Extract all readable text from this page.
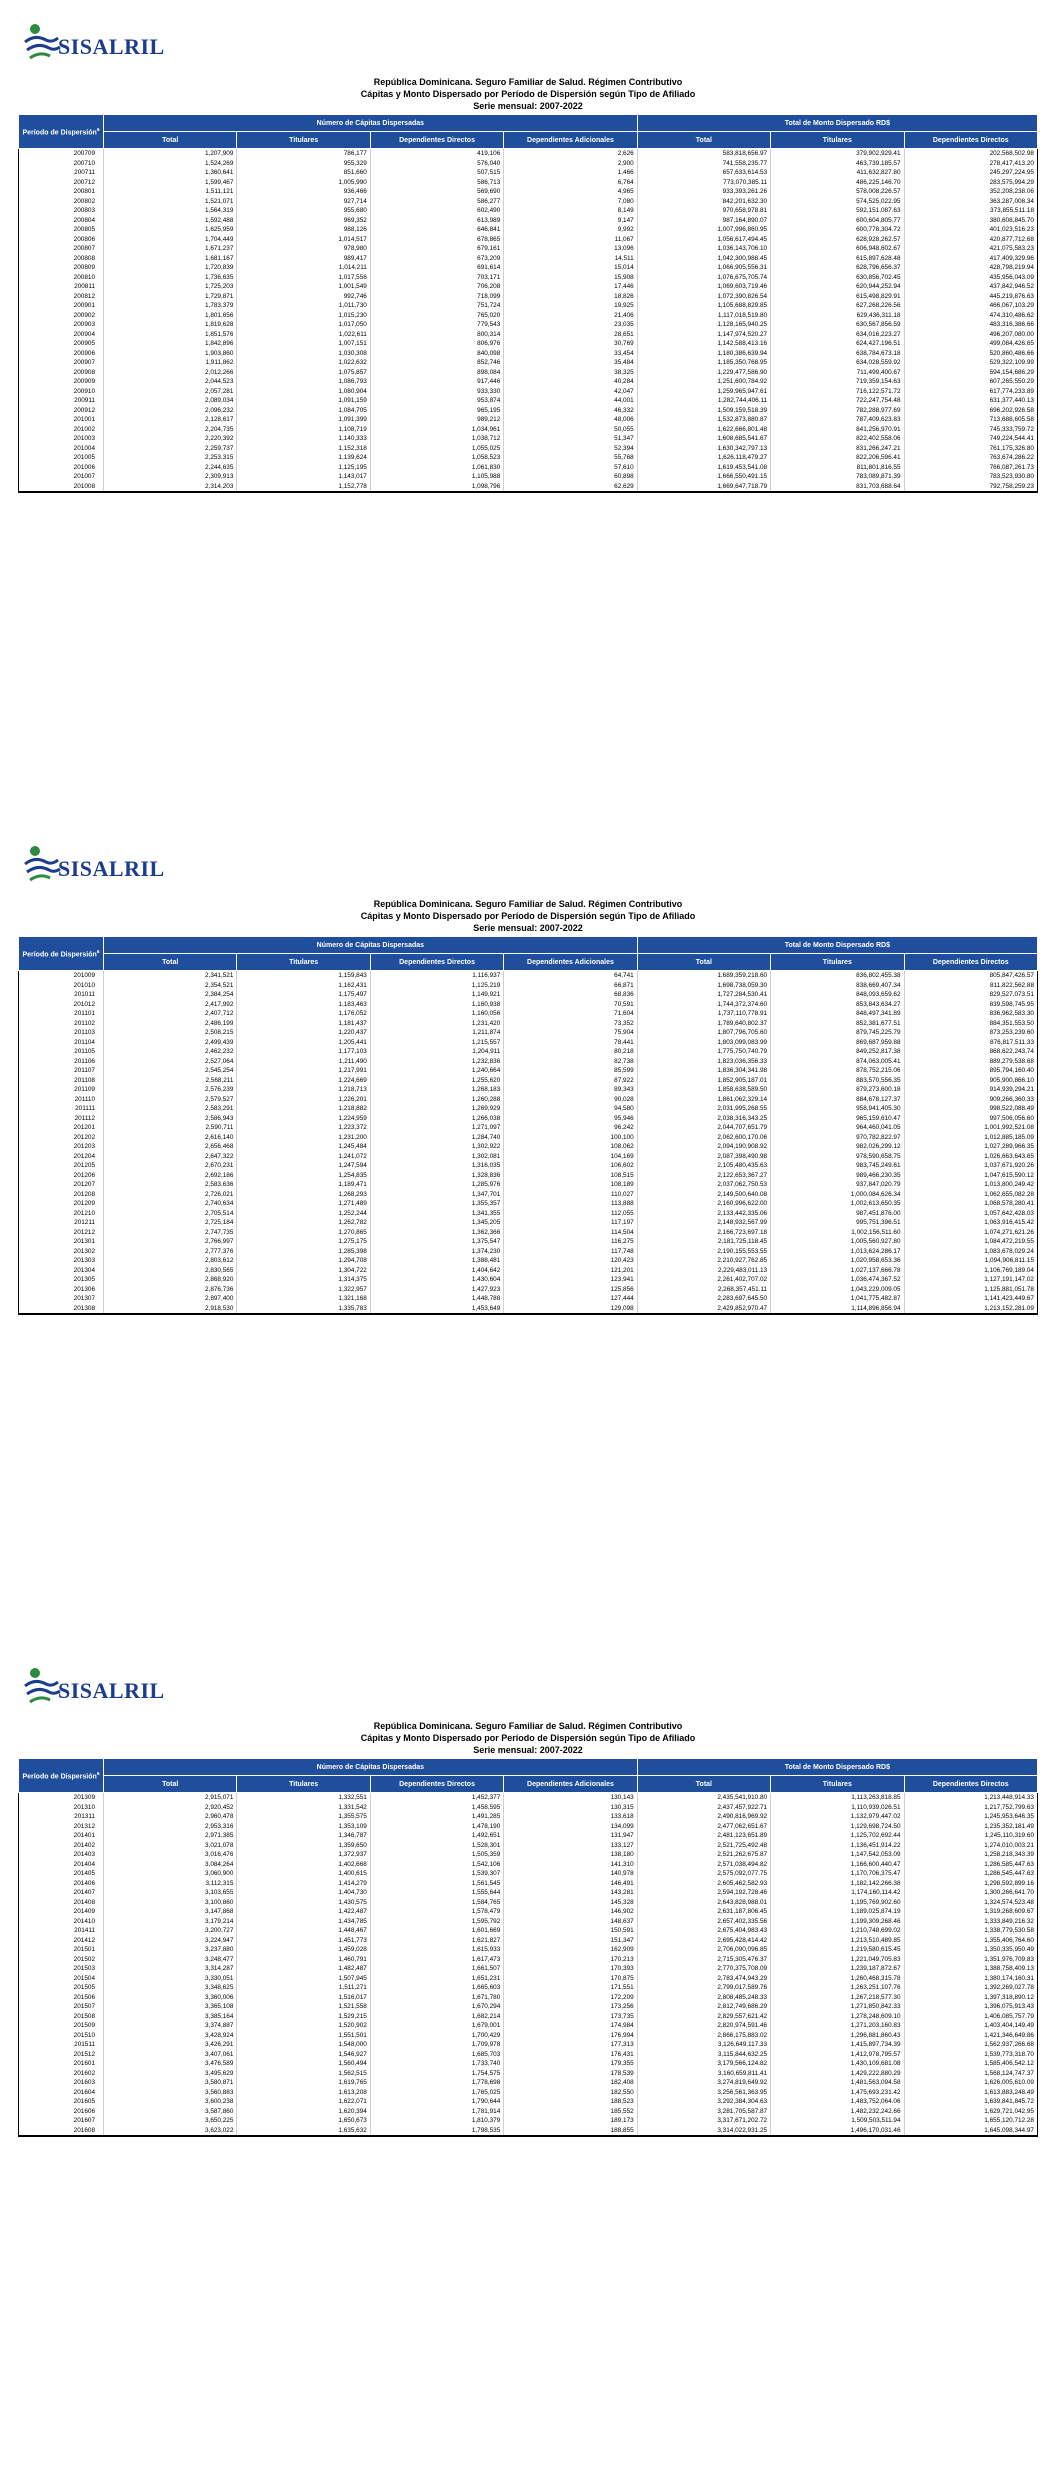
SISALRIL
República Dominicana. Seguro Familiar de Salud. Régimen Contributivo
Cápitas y Monto Dispersado por Período de Dispersión según Tipo de Afiliado
Serie mensual: 2007-2022
Período de Dispersión$^a$	Número de Cápitas Dispersadas				Total de Monto Dispersado RD$		
	Total	Titulares	Dependientes Directos	Dependientes Adicionales	Total	Titulares	Dependientes Directos
200709	1,207,909	786,177	419,106	2,626	583,818,656.97	379,902,929.41	202,568,502.98
200710	1,524,269	955,329	576,040	2,900	741,558,235.77	463,739,185.57	278,417,413.20
200711	1,360,641	851,660	507,515	1,466	657,633,614.53	411,632,827.80	245,297,224.95
200712	1,599,467	1,005,990	586,713	6,764	773,070,385.11	486,225,146.70	283,575,994.29
200801	1,511,121	936,466	569,690	4,965	933,393,261.26	578,008,226.57	352,208,238.06
200802	1,521,071	927,714	586,277	7,080	842,201,632.30	574,525,022.95	363,287,008.34
200803	1,564,319	955,680	602,490	8,149	970,658,978.81	592,151,087.63	373,855,511.18
200804	1,592,488	969,352	613,989	9,147	987,164,890.07	600,604,805.77	380,608,845.70
200805	1,625,959	988,126	646,841	9,992	1,007,996,860.95	600,778,304.72	401,023,516.23
200806	1,704,449	1,014,517	678,865	11,067	1,056,617,494.45	628,928,262.57	420,877,712.68
200807	1,671,237	978,980	679,161	13,096	1,036,143,706.10	606,948,602.67	421,075,583.23
200808	1,681,167	989,417	673,209	14,511	1,042,300,988.45	615,897,628.48	417,409,329.96
200809	1,720,839	1,014,211	691,614	15,014	1,066,905,556.31	628,796,656.37	428,798,219.94
200810	1,736,635	1,017,556	703,171	15,908	1,076,675,705.74	630,856,702.45	435,956,043.09
200811	1,725,203	1,001,549	706,208	17,446	1,069,603,719.46	620,944,252.94	437,842,946.52
200812	1,729,871	992,746	718,099	18,826	1,072,390,826.54	615,498,829.91	445,219,876.63
200901	1,783,379	1,011,730	751,724	19,925	1,105,688,829.85	627,268,226.56	466,067,103.29
200902	1,801,656	1,015,230	765,020	21,406	1,117,018,519.80	629,436,311.18	474,310,486.62
200903	1,819,628	1,017,050	779,543	23,035	1,128,165,940.25	630,567,856.59	483,316,386.66
200904	1,851,576	1,022,611	800,314	28,651	1,147,974,520.27	634,016,223.27	496,207,080.00
200905	1,842,896	1,007,151	806,976	30,769	1,142,588,413.16	624,427,196.51	499,084,426.65
200906	1,903,860	1,030,308	840,098	33,454	1,180,386,639.94	638,784,673.18	520,860,486.66
200907	1,911,862	1,022,632	852,746	35,484	1,185,350,768.95	634,028,559.92	529,322,109.99
200908	2,012,266	1,075,857	898,084	38,325	1,229,477,586.90	711,499,400.67	594,154,686.29
200909	2,044,523	1,086,793	917,446	40,284	1,251,600,784.92	719,359,154.63	607,265,550.29
200910	2,057,281	1,080,904	933,330	42,047	1,259,965,947.61	716,122,571.72	617,774,233.89
200911	2,089,034	1,091,159	953,874	44,001	1,282,744,406.11	722,247,754.48	631,377,440.13
200912	2,096,232	1,084,705	965,195	46,332	1,509,159,518.39	782,288,977.69	696,202,926.58
201001	2,128,617	1,091,399	989,212	48,006	1,532,873,880.87	787,409,623.83	713,688,605.58
201002	2,204,735	1,108,719	1,034,961	50,055	1,622,666,801.48	841,256,970.91	745,333,759.72
201003	2,220,392	1,140,333	1,038,712	51,347	1,608,685,541.67	822,402,558.06	749,224,544.41
201004	2,259,737	1,152,318	1,055,025	52,394	1,630,342,797.13	831,266,247.21	761,175,326.80
201005	2,253,315	1,139,624	1,058,523	55,768	1,626,118,479.27	822,206,596.41	763,674,286.22
201006	2,244,635	1,125,195	1,061,830	57,610	1,619,453,541.08	811,801,816.55	766,087,261.73
201007	2,309,913	1,143,017	1,105,988	60,898	1,666,550,491.15	783,089,871.39	783,523,930.80
201008	2,314,203	1,152,778	1,098,796	62,629	1,669,647,718.79	831,703,688.64	792,758,259.23
SISALRIL
República Dominicana. Seguro Familiar de Salud. Régimen Contributivo
Cápitas y Monto Dispersado por Período de Dispersión según Tipo de Afiliado
Serie mensual: 2007-2022
Período de Dispersión$^a$	Número de Cápitas Dispersadas				Total de Monto Dispersado RD$		
	Total	Titulares	Dependientes Directos	Dependientes Adicionales	Total	Titulares	Dependientes Directos
201009	2,341,521	1,159,843	1,116,937	64,741	1,689,359,218.60	836,802,455.38	805,847,426.57
201010	2,354,521	1,162,431	1,125,219	66,871	1,698,738,059.30	838,669,407.34	811,822,562.88
201011	2,384,254	1,175,497	1,149,921	68,836	1,727,284,530.41	848,093,659.62	829,527,073.51
201012	2,417,992	1,183,463	1,160,938	70,591	1,744,372,374.60	853,843,634.27	839,598,745.95
201101	2,407,712	1,176,052	1,160,056	71,604	1,737,110,778.91	848,497,341.89	836,962,583.30
201102	2,486,199	1,181,437	1,231,420	73,352	1,789,640,802.37	852,381,677.51	884,351,553.50
201103	2,508,215	1,220,437	1,211,874	75,904	1,807,796,705.60	879,745,225.79	873,253,239.60
201104	2,499,439	1,205,441	1,215,557	78,441	1,803,099,083.99	869,687,959.88	876,817,511.33
201105	2,462,232	1,177,103	1,204,911	80,218	1,775,750,740.79	849,252,817.38	868,622,243.74
201106	2,527,064	1,211,490	1,232,836	82,738	1,823,036,356.33	874,063,005.41	889,279,538.68
201107	2,545,254	1,217,991	1,240,664	85,599	1,836,304,341.98	878,752,215.06	895,794,160.40
201108	2,568,211	1,224,669	1,255,620	87,922	1,852,905,187.01	883,570,556.35	905,900,866.10
201109	2,576,239	1,218,713	1,268,183	89,343	1,858,638,589.50	879,273,600.18	914,939,294.21
201110	2,579,527	1,226,201	1,260,288	90,028	1,861,062,329.14	884,678,127.37	909,266,360.33
201111	2,583,291	1,218,882	1,269,929	94,580	2,031,995,268.55	958,941,405.30	998,522,088.49
201112	2,586,943	1,224,959	1,266,038	95,946	2,038,316,343.25	965,159,610.47	997,506,056.60
201201	2,590,711	1,223,372	1,271,097	96,242	2,044,707,651.79	964,460,041.05	1,001,992,521.08
201202	2,616,140	1,231,200	1,284,740	100,100	2,062,600,170.06	970,782,822.97	1,012,885,185.09
201203	2,656,468	1,245,484	1,302,922	108,062	2,094,190,908.92	982,026,299.12	1,027,289,966.35
201204	2,647,322	1,241,072	1,302,081	104,169	2,087,398,490.98	978,590,658.75	1,026,663,643.65
201205	2,670,231	1,247,594	1,316,035	106,602	2,105,480,435.63	983,745,249.61	1,037,671,920.26
201206	2,692,186	1,254,835	1,328,836	108,515	2,122,653,367.27	989,466,230.35	1,047,615,590.12
201207	2,583,636	1,189,471	1,285,976	108,189	2,037,062,750.53	937,847,020.79	1,013,800,249.42
201208	2,726,021	1,268,293	1,347,701	110,027	2,149,500,640.08	1,000,084,626.34	1,062,655,082.28
201209	2,740,634	1,271,489	1,355,357	113,888	2,160,996,622.00	1,002,613,650.35	1,068,578,280.41
201210	2,705,514	1,252,244	1,341,355	112,055	2,133,442,335.06	987,451,876.00	1,057,642,428.03
201211	2,725,184	1,262,782	1,345,205	117,197	2,148,932,567.99	995,751,396.51	1,063,916,415.42
201212	2,747,735	1,270,865	1,362,366	114,504	2,166,723,697.18	1,002,156,511.60	1,074,271,621.26
201301	2,766,997	1,275,175	1,375,547	116,275	2,181,725,118.45	1,005,560,927.80	1,084,472,219.55
201302	2,777,376	1,285,398	1,374,230	117,748	2,190,155,553.55	1,013,624,286.17	1,083,678,029.24
201303	2,803,612	1,294,708	1,388,481	120,423	2,210,927,762.85	1,020,958,653.36	1,094,906,811.15
201304	2,830,565	1,304,722	1,404,642	121,201	2,229,483,011.13	1,027,137,666.78	1,106,769,189.04
201305	2,868,920	1,314,375	1,430,604	123,941	2,261,402,707.02	1,036,474,367.52	1,127,191,147.02
201306	2,876,736	1,322,957	1,427,923	125,856	2,268,357,451.11	1,043,229,009.05	1,125,881,051.78
201307	2,897,400	1,321,168	1,448,788	127,444	2,283,697,645.50	1,041,775,482.87	1,141,423,449.67
201308	2,918,530	1,335,783	1,453,649	129,098	2,429,852,970.47	1,114,896,856.94	1,213,152,281.09
SISALRIL
República Dominicana. Seguro Familiar de Salud. Régimen Contributivo
Cápitas y Monto Dispersado por Período de Dispersión según Tipo de Afiliado
Serie mensual: 2007-2022
Período de Dispersión$^a$	Número de Cápitas Dispersadas				Total de Monto Dispersado RD$		
	Total	Titulares	Dependientes Directos	Dependientes Adicionales	Total	Titulares	Dependientes Directos
201309	2,915,071	1,332,551	1,452,377	130,143	2,435,541,910.80	1,113,263,818.85	1,213,448,914.33
201310	2,920,452	1,331,542	1,458,595	130,315	2,437,457,922.71	1,110,939,026.51	1,217,752,799.63
201311	2,960,478	1,355,575	1,491,285	133,618	2,490,816,969.92	1,132,979,447.02	1,245,953,646.35
201312	2,953,316	1,353,109	1,478,190	134,099	2,477,062,651.67	1,129,698,724.50	1,235,352,181.49
201401	2,971,385	1,346,787	1,492,651	131,947	2,481,123,651.89	1,125,702,692.44	1,245,110,319.60
201402	3,021,078	1,359,650	1,528,301	133,127	2,521,725,492.48	1,136,451,914.22	1,274,010,003.21
201403	3,016,476	1,372,937	1,505,359	138,180	2,521,262,675.87	1,147,542,053.09	1,258,218,343.39
201404	3,084,264	1,402,668	1,542,106	141,310	2,571,038,494.82	1,166,600,440.47	1,286,585,447.63
201405	3,060,900	1,400,615	1,539,307	140,978	2,575,092,077.75	1,170,706,375.47	1,286,545,447.63
201406	3,112,315	1,414,279	1,561,545	146,491	2,605,462,582.93	1,182,142,266.38	1,298,592,899.16
201407	3,103,655	1,404,730	1,555,644	143,281	2,594,192,728.46	1,174,160,114.42	1,300,266,641.70
201408	3,100,860	1,430,575	1,584,765	145,328	2,643,828,988.01	1,195,769,902.60	1,324,574,523.48
201409	3,147,868	1,422,487	1,578,479	146,902	2,631,187,806.45	1,189,025,874.19	1,319,268,609.67
201410	3,179,214	1,434,785	1,595,792	148,637	2,657,402,335.56	1,199,309,268.46	1,333,849,216.32
201411	3,200,727	1,448,467	1,601,669	150,591	2,675,404,983.43	1,210,748,699.02	1,338,779,530.58
201412	3,224,947	1,451,773	1,621,827	151,347	2,695,428,414.42	1,213,510,489.85	1,355,406,764.60
201501	3,237,880	1,459,028	1,615,933	162,909	2,706,090,096.85	1,219,580,615.45	1,350,335,950.49
201502	3,248,477	1,460,791	1,617,473	170,213	2,715,305,476.37	1,221,049,705.83	1,351,976,709.83
201503	3,314,287	1,482,487	1,661,507	170,393	2,770,375,708.09	1,239,187,872.67	1,388,758,409.13
201504	3,330,051	1,507,945	1,651,231	170,875	2,783,474,943.29	1,260,468,315.78	1,380,174,160.31
201505	3,348,625	1,511,271	1,665,603	171,551	2,799,017,589.76	1,263,251,107.76	1,392,269,027.78
201506	3,360,006	1,516,017	1,671,780	172,209	2,808,485,248.33	1,267,218,577.30	1,397,318,890.12
201507	3,365,108	1,521,558	1,670,294	173,256	2,812,749,686.29	1,271,850,842.33	1,396,075,913.43
201508	3,385,164	1,529,215	1,682,214	173,735	2,829,557,621.42	1,278,248,609.10	1,406,085,757.79
201509	3,374,887	1,520,902	1,679,001	174,984	2,820,974,591.46	1,271,203,160.83	1,403,404,149.49
201510	3,428,924	1,551,501	1,700,429	176,994	2,866,175,883.02	1,296,881,860.43	1,421,346,649.86
201511	3,426,291	1,548,000	1,709,978	177,313	3,126,649,117.33	1,415,897,734.39	1,562,937,266.68
201512	3,407,061	1,546,927	1,685,703	176,431	3,115,844,632.25	1,412,978,795.57	1,539,773,318.70
201601	3,476,589	1,560,494	1,733,740	179,355	3,179,566,124.82	1,430,109,681.08	1,585,406,542.12
201602	3,495,629	1,562,515	1,754,575	178,539	3,160,659,811.41	1,429,222,880.29	1,568,124,747.37
201603	3,580,871	1,619,765	1,778,698	182,408	3,274,819,649.92	1,481,563,094.58	1,626,005,610.09
201604	3,560,883	1,613,208	1,765,025	182,550	3,256,561,363.95	1,475,693,231.42	1,613,883,248.49
201605	3,600,238	1,622,071	1,790,644	188,523	3,292,384,304.63	1,483,752,064.06	1,639,841,845.72
201606	3,587,860	1,620,394	1,781,914	185,552	3,281,705,587.87	1,482,232,242.66	1,629,721,042.95
201607	3,650,225	1,650,673	1,810,379	189,173	3,317,671,202.72	1,509,503,511.94	1,655,120,712.28
201608	3,623,022	1,635,632	1,798,535	188,855	3,314,022,931.25	1,496,170,031.46	1,645,098,344.97
